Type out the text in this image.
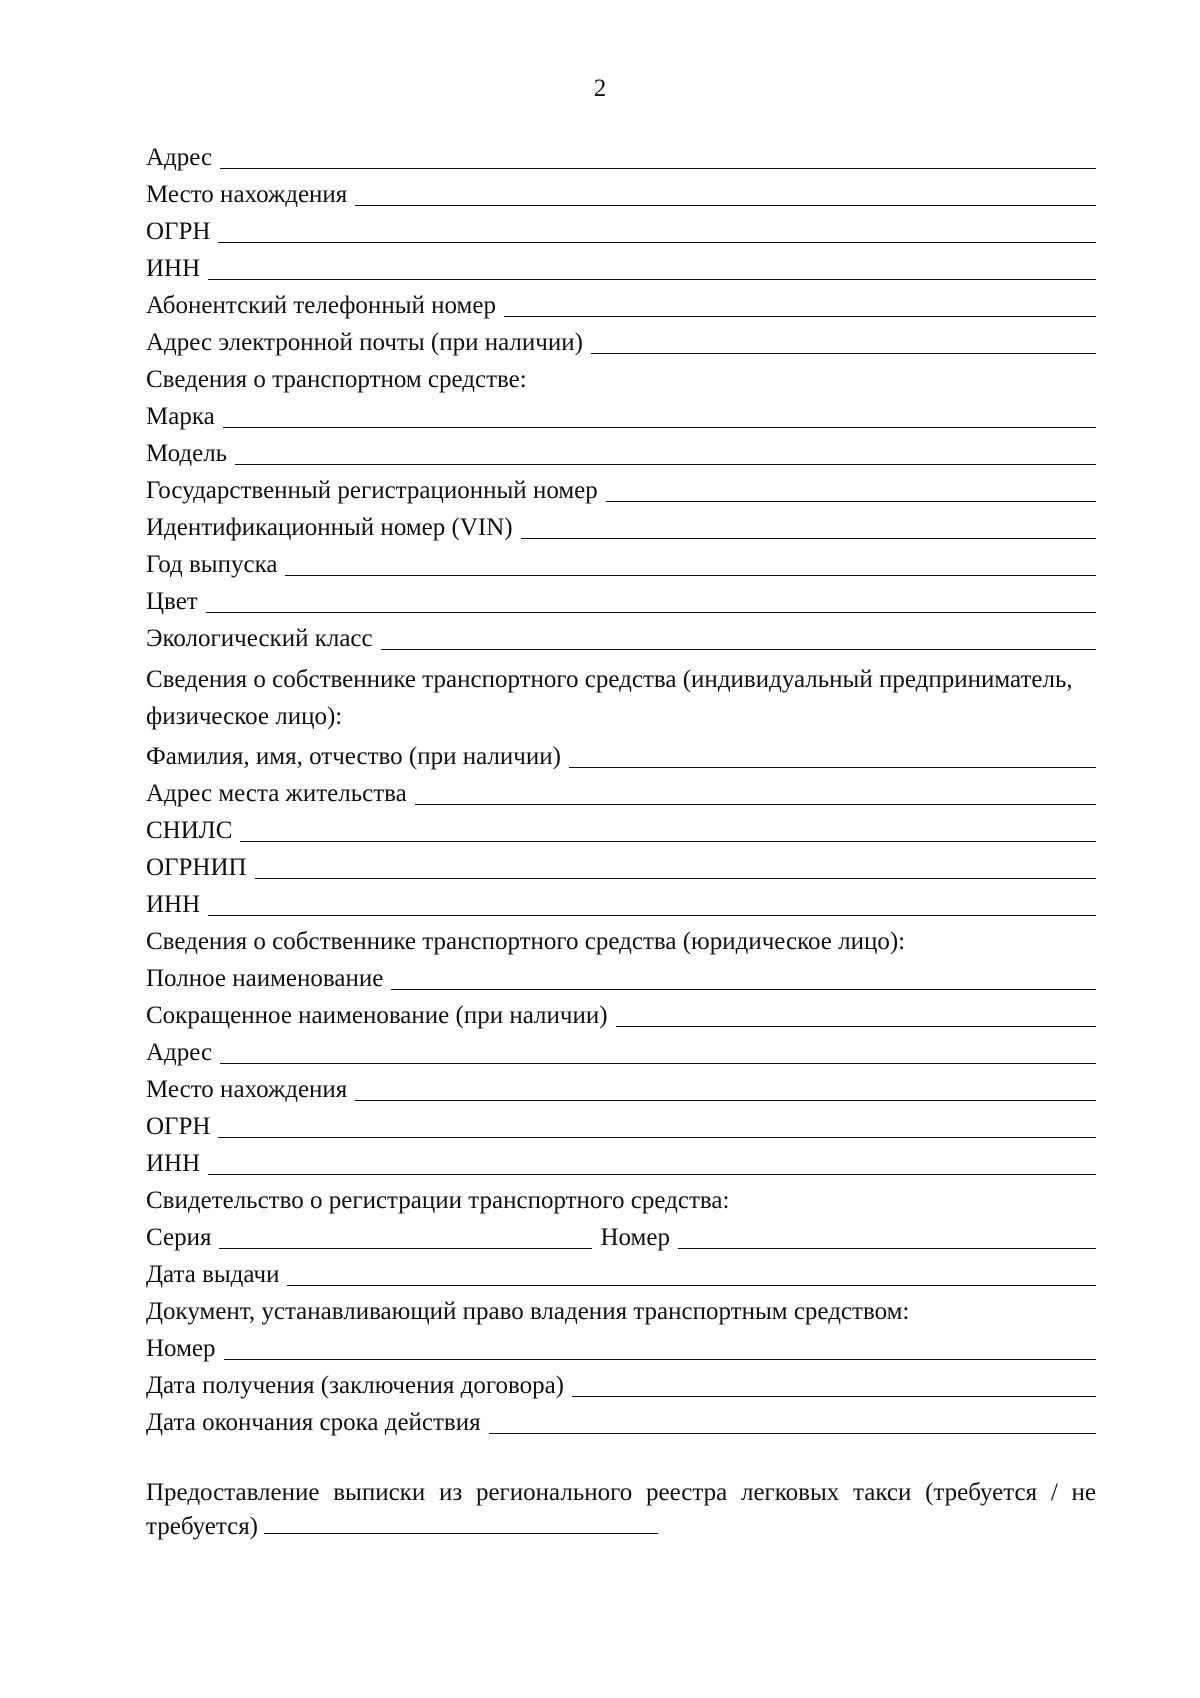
2
Адрес
Место нахождения
ОГРН
ИНН
Абонентский телефонный номер
Адрес электронной почты (при наличии)
Сведения о транспортном средстве:
Марка
Модель
Государственный регистрационный номер
Идентификационный номер (VIN)
Год выпуска
Цвет
Экологический класс
Сведения о собственнике транспортного средства (индивидуальный предприниматель, физическое лицо):
Фамилия, имя, отчество (при наличии)
Адрес места жительства
СНИЛС
ОГРНИП
ИНН
Сведения о собственнике транспортного средства (юридическое лицо):
Полное наименование
Сокращенное наименование (при наличии)
Адрес
Место нахождения
ОГРН
ИНН
Свидетельство о регистрации транспортного средства:
Серия	Номер
Дата выдачи
Документ, устанавливающий право владения транспортным средством:
Номер
Дата получения (заключения договора)
Дата окончания срока действия
Предоставление выписки из регионального реестра легковых такси (требуется / не требуется)
